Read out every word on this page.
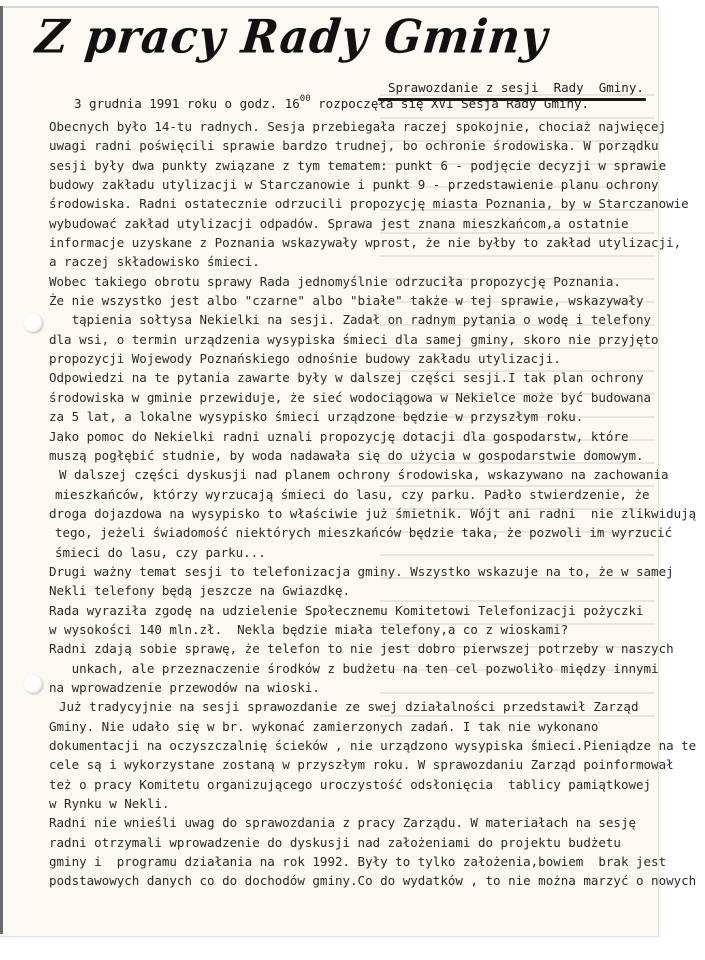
Z pracy Rady Gminy
Sprawozdanie z sesji  Rady  Gminy.
3 grudnia 1991 roku o godz. $16^{00}$ rozpoczęła się XVI Sesja Rady Gminy.

Obecnych było 14-tu radnych. Sesja przebiegała raczej spokojnie, chociaż najwięcej

uwagi radni poświęcili sprawie bardzo trudnej, bo ochronie środowiska. W porządku

sesji były dwa punkty związane z tym tematem: punkt 6 - podjęcie decyzji w sprawie

budowy zakładu utylizacji w Starczanowie i punkt 9 - przedstawienie planu ochrony

środowiska. Radni ostatecznie odrzucili propozycję miasta Poznania, by w Starczanowie

wybudować zakład utylizacji odpadów. Sprawa jest znana mieszkańcom,a ostatnie

informacje uzyskane z Poznania wskazywały wprost, że nie byłby to zakład utylizacji,

a raczej składowisko śmieci.

Wobec takiego obrotu sprawy Rada jednomyślnie odrzuciła propozycję Poznania.

Że nie wszystko jest albo "czarne" albo "białe" także w tej sprawie, wskazywały

tąpienia sołtysa Nekielki na sesji. Zadał on radnym pytania o wodę i telefony

dla wsi, o termin urządzenia wysypiska śmieci dla samej gminy, skoro nie przyjęto

propozycji Wojewody Poznańskiego odnośnie budowy zakładu utylizacji.

Odpowiedzi na te pytania zawarte były w dalszej części sesji.I tak plan ochrony

środowiska w gminie przewiduje, że sieć wodociągowa w Nekielce może być budowana

za 5 lat, a lokalne wysypisko śmieci urządzone będzie w przyszłym roku.

Jako pomoc do Nekielki radni uznali propozycję dotacji dla gospodarstw, które

muszą pogłębić studnie, by woda nadawała się do użycia w gospodarstwie domowym.

W dalszej części dyskusji nad planem ochrony środowiska, wskazywano na zachowania

mieszkańców, którzy wyrzucają śmieci do lasu, czy parku. Padło stwierdzenie, że

droga dojazdowa na wysypisko to właściwie już śmietnik. Wójt ani radni  nie zlikwidują

tego, jeżeli świadomość niektórych mieszkańców będzie taka, że pozwoli im wyrzucić

śmieci do lasu, czy parku...

Drugi ważny temat sesji to telefonizacja gminy. Wszystko wskazuje na to, że w samej

Nekli telefony będą jeszcze na Gwiazdkę.

Rada wyraziła zgodę na udzielenie Społecznemu Komitetowi Telefonizacji pożyczki

w wysokości 140 mln.zł.  Nekla będzie miała telefony,a co z wioskami?

Radni zdają sobie sprawę, że telefon to nie jest dobro pierwszej potrzeby w naszych

unkach, ale przeznaczenie środków z budżetu na ten cel pozwoliło między innymi

na wprowadzenie przewodów na wioski.

Już tradycyjnie na sesji sprawozdanie ze swej działalności przedstawił Zarząd

Gminy. Nie udało się w br. wykonać zamierzonych zadań. I tak nie wykonano

dokumentacji na oczyszczalnię ścieków , nie urządzono wysypiska śmieci.Pieniądze na te

cele są i wykorzystane zostaną w przyszłym roku. W sprawozdaniu Zarząd poinformował

też o pracy Komitetu organizującego uroczystość odsłonięcia  tablicy pamiątkowej

w Rynku w Nekli.

Radni nie wnieśli uwag do sprawozdania z pracy Zarządu. W materiałach na sesję

radni otrzymali wprowadzenie do dyskusji nad założeniami do projektu budżetu

gminy i  programu działania na rok 1992. Były to tylko założenia,bowiem  brak jest

podstawowych danych co do dochodów gminy.Co do wydatków , to nie można marzyć o nowych
